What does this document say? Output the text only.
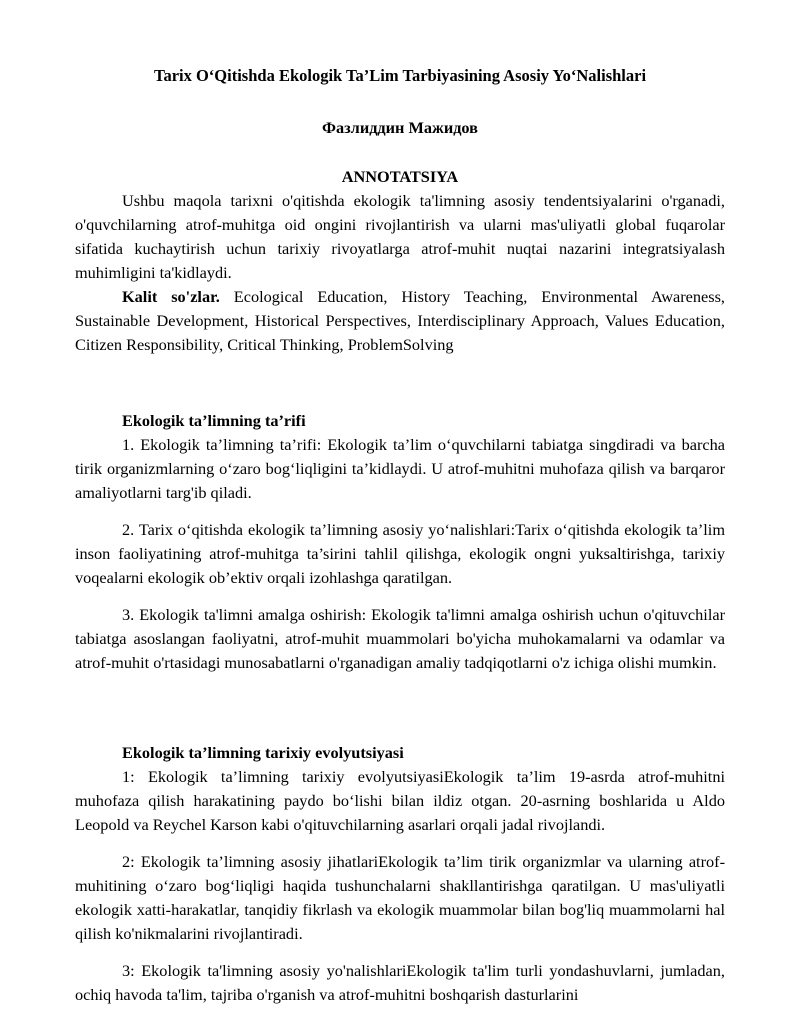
Tarix O‘Qitishda Ekologik Ta’Lim Tarbiyasining Asosiy Yo‘Nalishlari
Фазлиддин Мажидов
ANNOTATSIYA

Ushbu maqola tarixni o'qitishda ekologik ta'limning asosiy tendentsiyalarini o'rganadi, o'quvchilarning atrof-muhitga oid ongini rivojlantirish va ularni mas'uliyatli global fuqarolar sifatida kuchaytirish uchun tarixiy rivoyatlarga atrof-muhit nuqtai nazarini integratsiyalash muhimligini ta'kidlaydi.

Kalit so'zlar. Ecological Education, History Teaching, Environmental Awareness, Sustainable Development, Historical Perspectives, Interdisciplinary Approach, Values Education, Citizen Responsibility, Critical Thinking, ProblemSolving

Ekologik ta’limning ta’rifi

1. Ekologik ta’limning ta’rifi: Ekologik ta’lim o‘quvchilarni tabiatga singdiradi va barcha tirik organizmlarning o‘zaro bog‘liqligini ta’kidlaydi. U atrof-muhitni muhofaza qilish va barqaror amaliyotlarni targ'ib qiladi.

2. Tarix o‘qitishda ekologik ta’limning asosiy yo‘nalishlari:Tarix o‘qitishda ekologik ta’lim inson faoliyatining atrof-muhitga ta’sirini tahlil qilishga, ekologik ongni yuksaltirishga, tarixiy voqealarni ekologik ob’ektiv orqali izohlashga qaratilgan.

3. Ekologik ta'limni amalga oshirish: Ekologik ta'limni amalga oshirish uchun o'qituvchilar tabiatga asoslangan faoliyatni, atrof-muhit muammolari bo'yicha muhokamalarni va odamlar va atrof-muhit o'rtasidagi munosabatlarni o'rganadigan amaliy tadqiqotlarni o'z ichiga olishi mumkin.

Ekologik ta’limning tarixiy evolyutsiyasi

1: Ekologik ta’limning tarixiy evolyutsiyasiEkologik ta’lim 19-asrda atrof-muhitni muhofaza qilish harakatining paydo bo‘lishi bilan ildiz otgan. 20-asrning boshlarida u Aldo Leopold va Reychel Karson kabi o'qituvchilarning asarlari orqali jadal rivojlandi.

2: Ekologik ta’limning asosiy jihatlariEkologik ta’lim tirik organizmlar va ularning atrof-muhitining o‘zaro bog‘liqligi haqida tushunchalarni shakllantirishga qaratilgan. U mas'uliyatli ekologik xatti-harakatlar, tanqidiy fikrlash va ekologik muammolar bilan bog'liq muammolarni hal qilish ko'nikmalarini rivojlantiradi.

3: Ekologik ta'limning asosiy yo'nalishlariEkologik ta'lim turli yondashuvlarni, jumladan, ochiq havoda ta'lim, tajriba o'rganish va atrof-muhitni boshqarish dasturlarini
